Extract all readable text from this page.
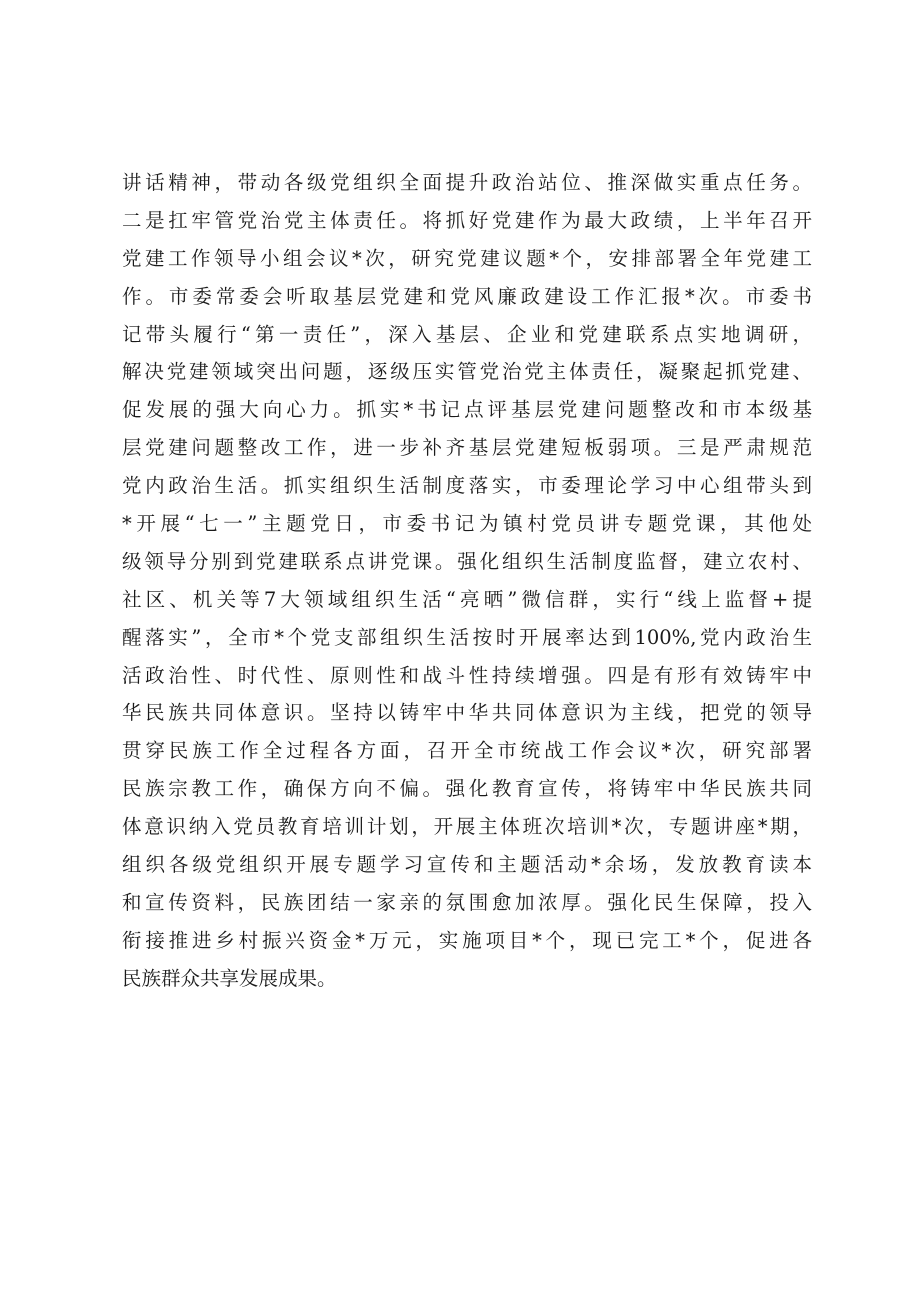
讲话精神，带动各级党组织全面提升政治站位、推深做实重点任务。
二是扛牢管党治党主体责任。将抓好党建作为最大政绩，上半年召开
党建工作领导小组会议*次，研究党建议题*个，安排部署全年党建工
作。市委常委会听取基层党建和党风廉政建设工作汇报*次。市委书
记带头履行“第一责任”，深入基层、企业和党建联系点实地调研，
解决党建领域突出问题，逐级压实管党治党主体责任，凝聚起抓党建、
促发展的强大向心力。抓实*书记点评基层党建问题整改和市本级基
层党建问题整改工作，进一步补齐基层党建短板弱项。三是严肃规范
党内政治生活。抓实组织生活制度落实，市委理论学习中心组带头到
*开展“七一”主题党日，市委书记为镇村党员讲专题党课，其他处
级领导分别到党建联系点讲党课。强化组织生活制度监督，建立农村、
社区、机关等7大领域组织生活“亮晒”微信群，实行“线上监督+提
醒落实”，全市*个党支部组织生活按时开展率达到100%,党内政治生
活政治性、时代性、原则性和战斗性持续增强。四是有形有效铸牢中
华民族共同体意识。坚持以铸牢中华共同体意识为主线，把党的领导
贯穿民族工作全过程各方面，召开全市统战工作会议*次，研究部署
民族宗教工作，确保方向不偏。强化教育宣传，将铸牢中华民族共同
体意识纳入党员教育培训计划，开展主体班次培训*次，专题讲座*期，
组织各级党组织开展专题学习宣传和主题活动*余场，发放教育读本
和宣传资料，民族团结一家亲的氛围愈加浓厚。强化民生保障，投入
衔接推进乡村振兴资金*万元，实施项目*个，现已完工*个，促进各
民族群众共享发展成果。
